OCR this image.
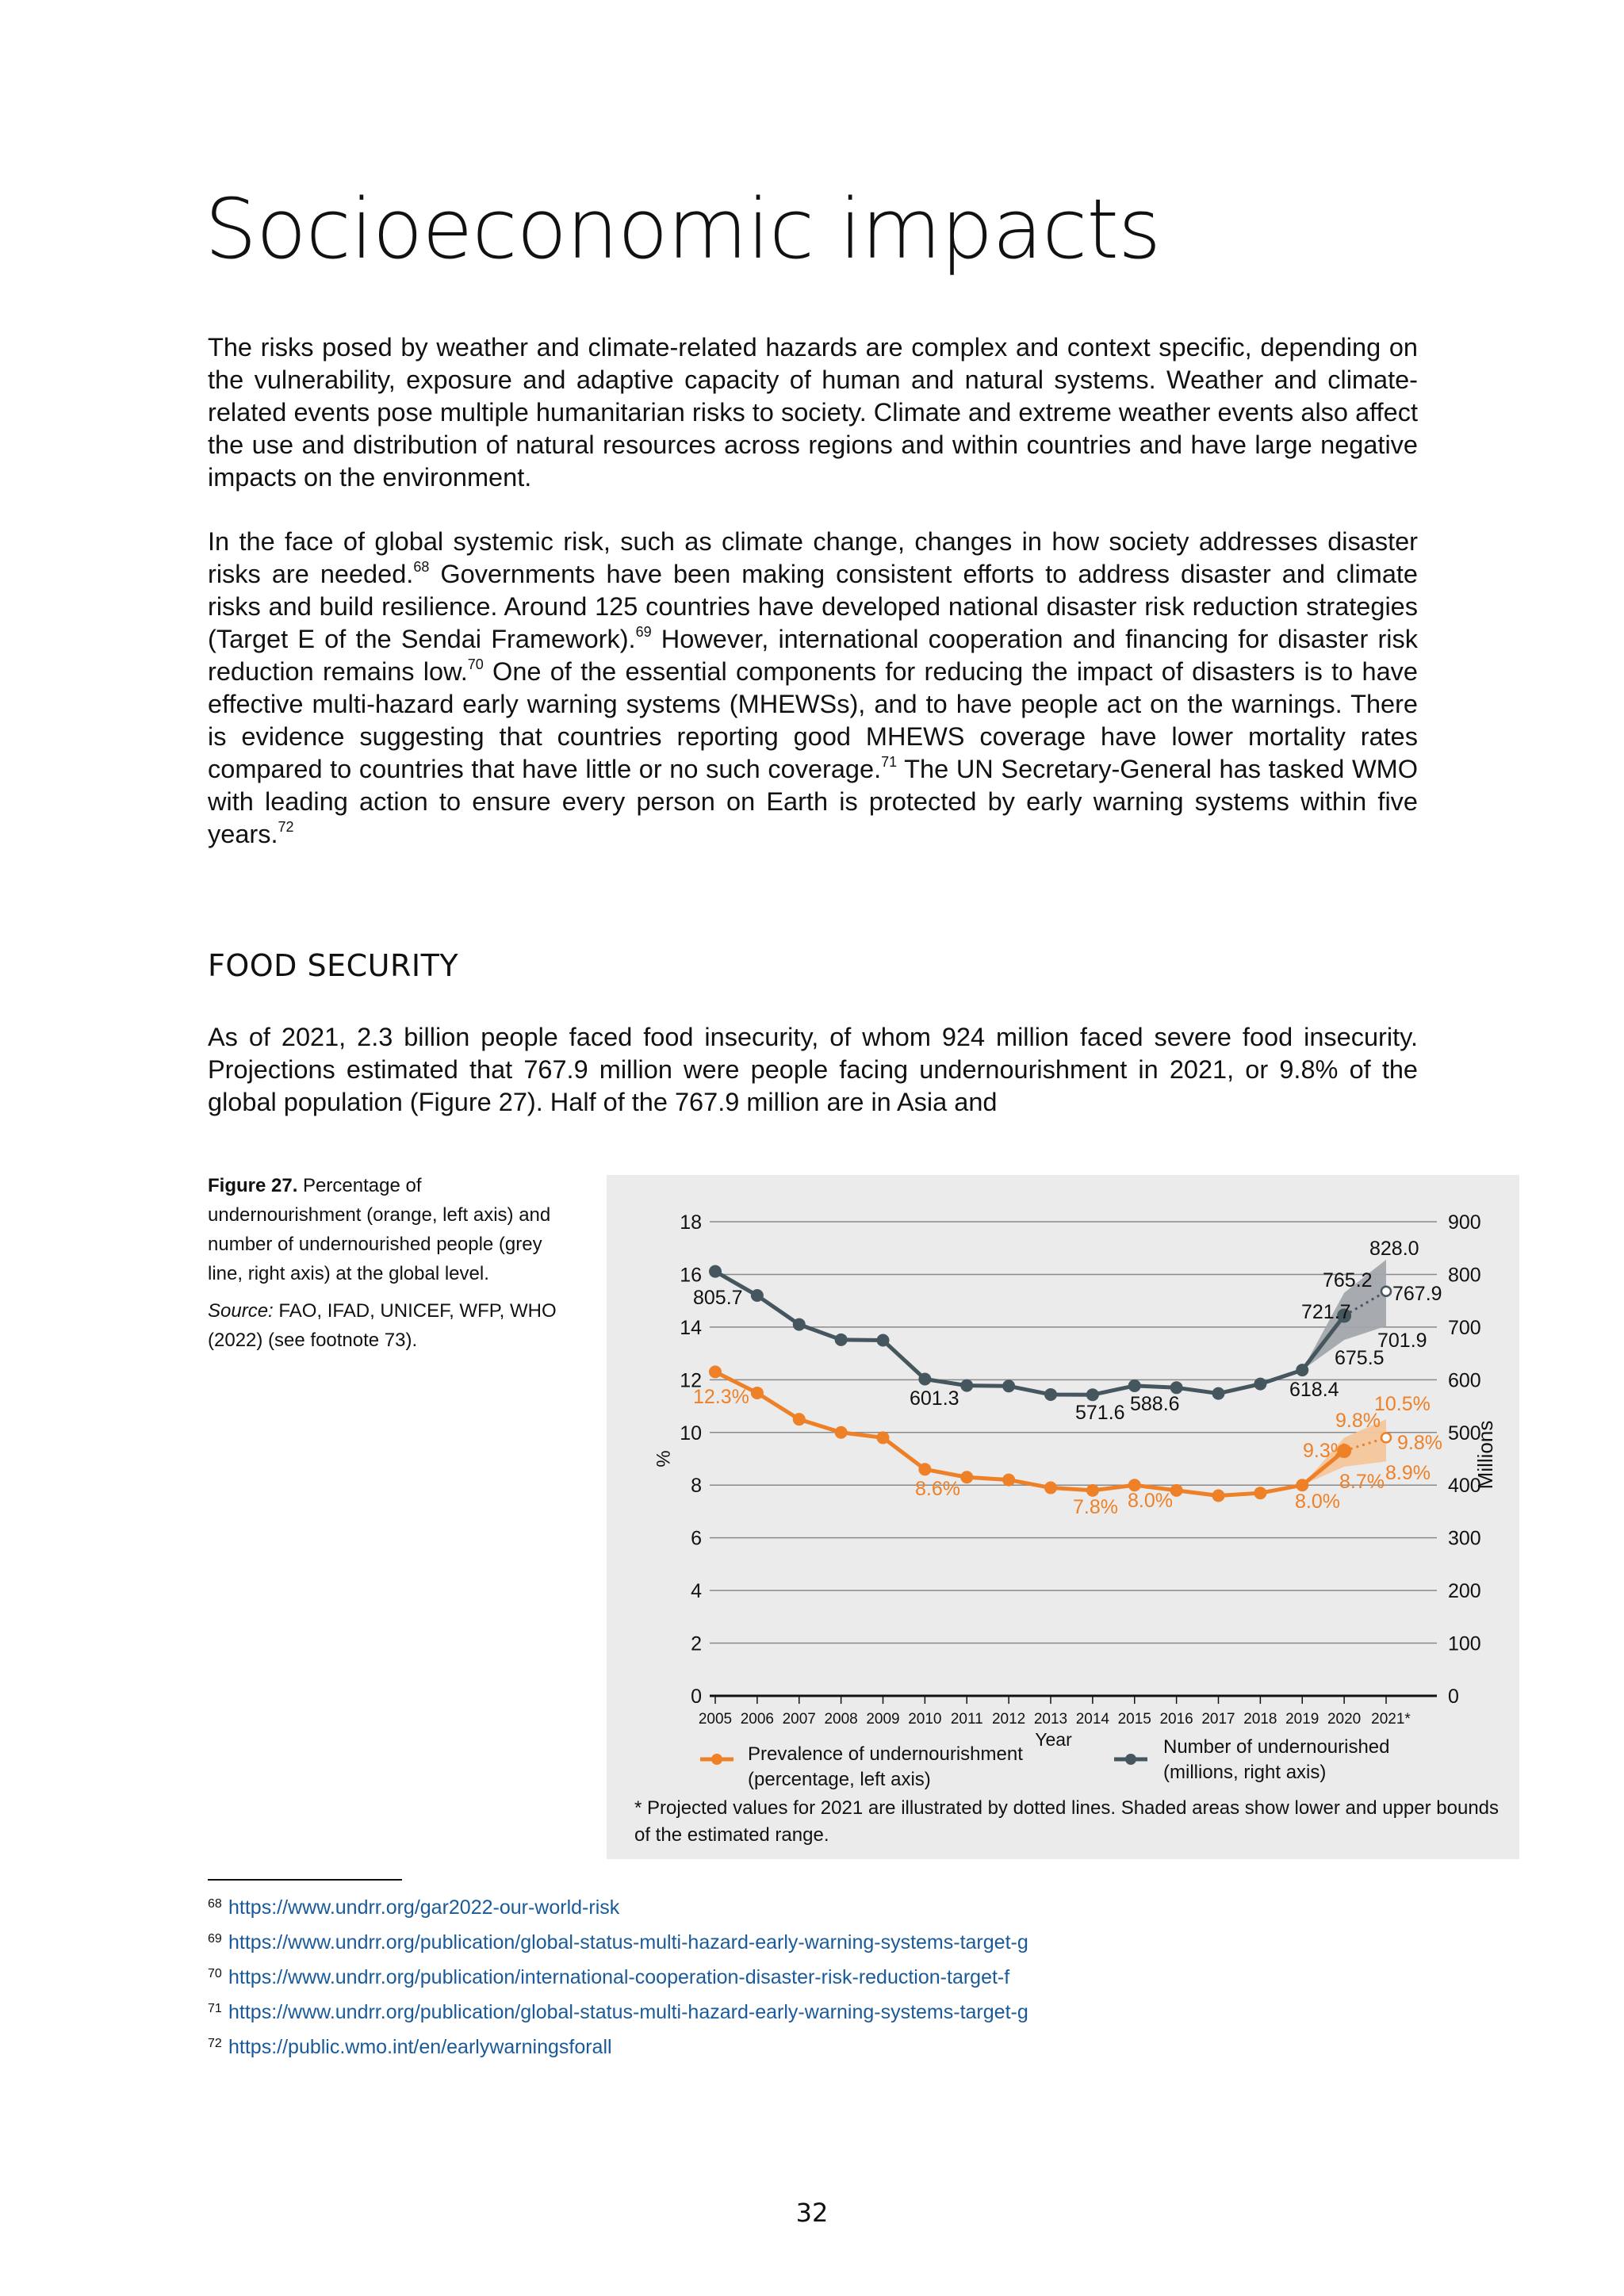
Socioeconomic impacts

The risks posed by weather and climate-related hazards are complex and context specific, depending on the vulnerability, exposure and adaptive capacity of human and natural systems. Weather and climate-related events pose multiple humanitarian risks to society. Climate and extreme weather events also affect the use and distribution of natural resources across regions and within countries and have large negative impacts on the environment.

In the face of global systemic risk, such as climate change, changes in how society addresses disaster risks are needed.$^{68}$ Governments have been making consistent efforts to address disaster and climate risks and build resilience. Around 125 countries have developed national disaster risk reduction strategies (Target E of the Sendai Framework).$^{69}$ However, international cooperation and financing for disaster risk reduction remains low.$^{70}$ One of the essential components for reducing the impact of disasters is to have effective multi-hazard early warning systems (MHEWSs), and to have people act on the warnings. There is evidence suggesting that countries reporting good MHEWS coverage have lower mortality rates compared to countries that have little or no such coverage.$^{71}$ The UN Secretary-General has tasked WMO with leading action to ensure every person on Earth is protected by early warning systems within five years.$^{72}$

FOOD SECURITY

As of 2021, 2.3 billion people faced food insecurity, of whom 924 million faced severe food insecurity. Projections estimated that 767.9 million were people facing undernourishment in 2021, or 9.8% of the global population (Figure 27). Half of the 767.9 million are in Asia and

Figure 27. Percentage of undernourishment (orange, left axis) and number of undernourished people (grey line, right axis) at the global level.
Source: FAO, IFAD, UNICEF, WFP, WHO (2022) (see footnote 73).
0	0
2	100
4	200
6	300
8	400
10	500
12	600
14	700
16	800
18	900
2005 2006 2007 2008 2009 2010 2011 2012 2013 2014 2015 2016 2017 2018 2019 2020 2021*
Year
%	Millions
805.7
601.3
571.6 588.6
618.4
721.7
767.9
765.2
675.5
828.0
701.9
12.3%
8.6%
7.8% 8.0%	8.0%
9.3% 9.8%
9.8%
8.7%
10.5%
8.9%
Prevalence of undernourishment
(percentage, left axis)
Number of undernourished
(millions, right axis)
* Projected values for 2021 are illustrated by dotted lines. Shaded areas show lower and upper bounds of the estimated range.
68 https://www.undrr.org/gar2022-our-world-risk
69 https://www.undrr.org/publication/global-status-multi-hazard-early-warning-systems-target-g
70 https://www.undrr.org/publication/international-cooperation-disaster-risk-reduction-target-f
71 https://www.undrr.org/publication/global-status-multi-hazard-early-warning-systems-target-g
72 https://public.wmo.int/en/earlywarningsforall
32
